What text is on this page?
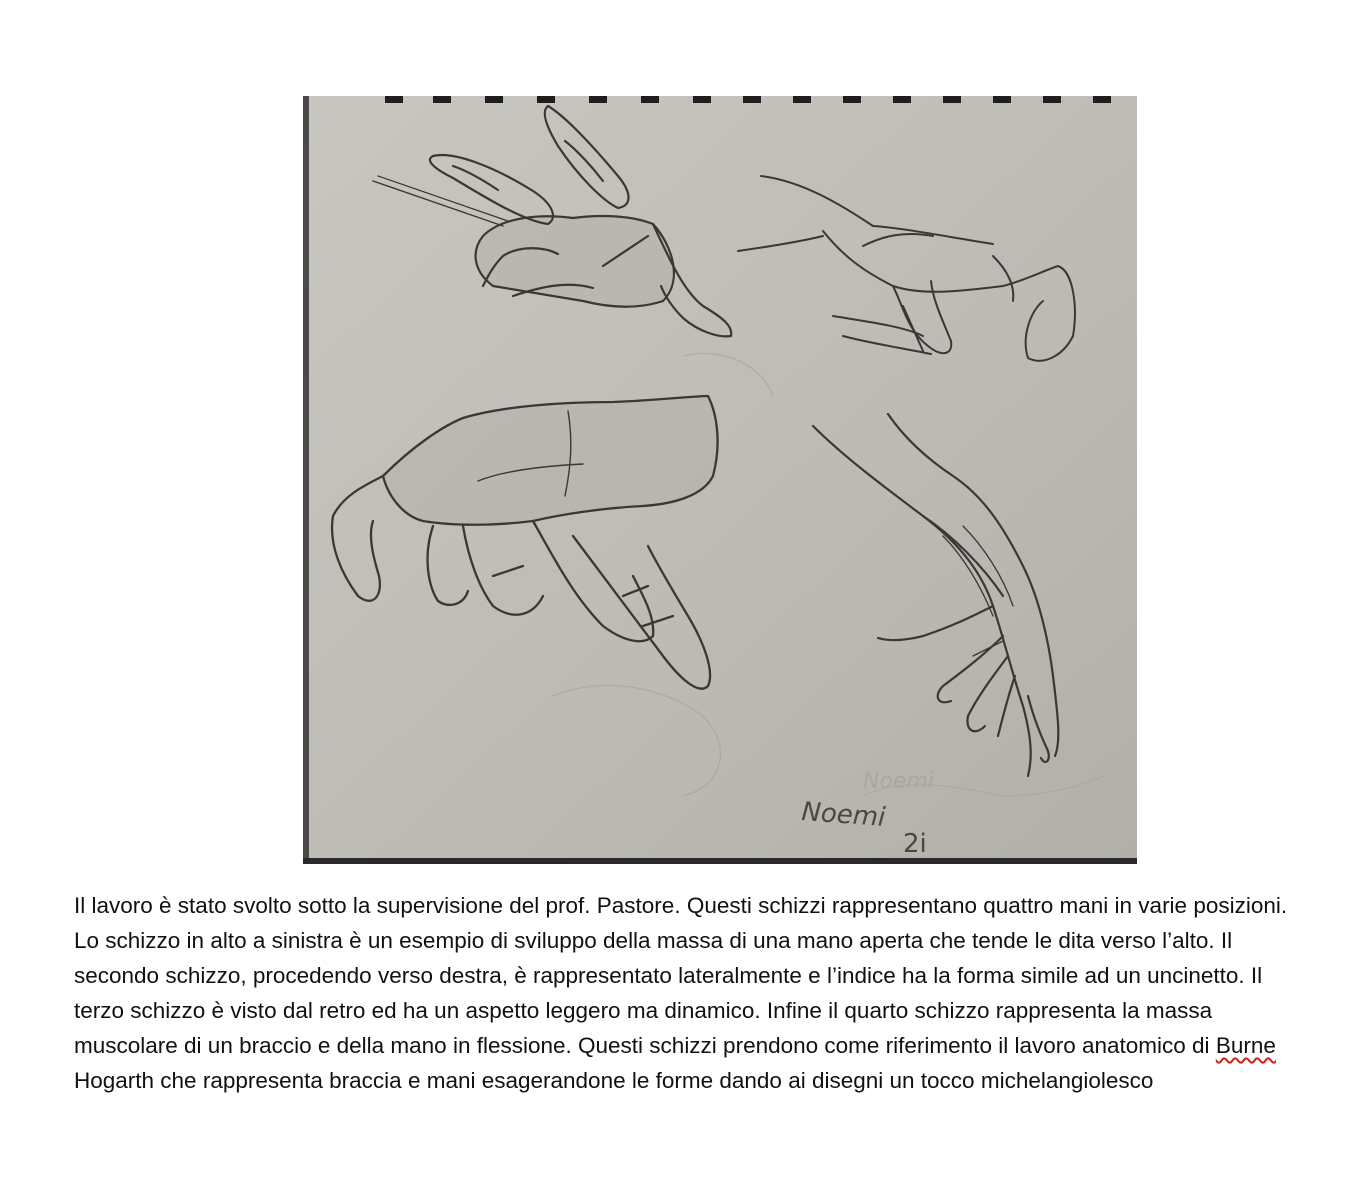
Noemi
2i
Noemi

Il lavoro è stato svolto sotto la supervisione del prof. Pastore. Questi schizzi rappresentano quattro mani in varie posizioni. Lo schizzo in alto a sinistra è un esempio di sviluppo della massa di una mano aperta che tende le dita verso l’alto. Il secondo schizzo, procedendo verso destra, è rappresentato lateralmente e l’indice ha la forma simile ad un uncinetto. Il terzo schizzo è visto dal retro ed ha un aspetto leggero ma dinamico. Infine il quarto schizzo rappresenta la massa muscolare di un braccio e della mano in flessione. Questi schizzi prendono come riferimento il lavoro anatomico di Burne Hogarth che rappresenta braccia e mani esagerandone le forme dando ai disegni un tocco michelangiolesco
